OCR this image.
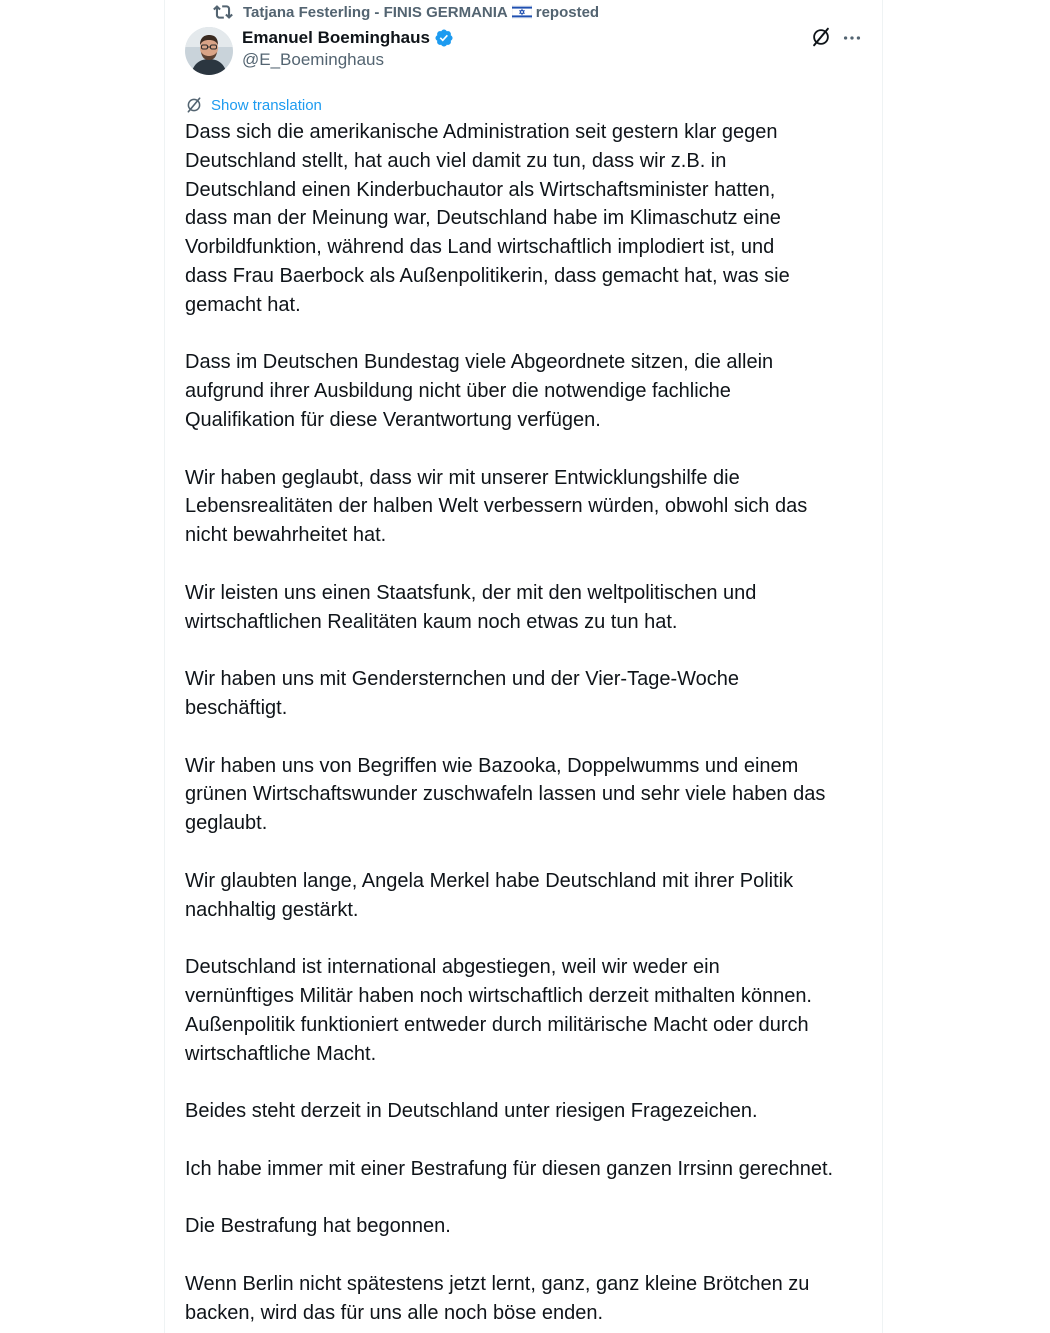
Tatjana Festerling - FINIS GERMANIA reposted
Emanuel Boeminghaus
@E_Boeminghaus
Show translation

Dass sich die amerikanische Administration seit gestern klar gegen
Deutschland stellt, hat auch viel damit zu tun, dass wir z.B. in
Deutschland einen Kinderbuchautor als Wirtschaftsminister hatten,
dass man der Meinung war, Deutschland habe im Klimaschutz eine
Vorbildfunktion, während das Land wirtschaftlich implodiert ist, und
dass Frau Baerbock als Außenpolitikerin, dass gemacht hat, was sie
gemacht hat.

Dass im Deutschen Bundestag viele Abgeordnete sitzen, die allein
aufgrund ihrer Ausbildung nicht über die notwendige fachliche
Qualifikation für diese Verantwortung verfügen.

Wir haben geglaubt, dass wir mit unserer Entwicklungshilfe die
Lebensrealitäten der halben Welt verbessern würden, obwohl sich das
nicht bewahrheitet hat.

Wir leisten uns einen Staatsfunk, der mit den weltpolitischen und
wirtschaftlichen Realitäten kaum noch etwas zu tun hat.

Wir haben uns mit Gendersternchen und der Vier-Tage-Woche
beschäftigt.

Wir haben uns von Begriffen wie Bazooka, Doppelwumms und einem
grünen Wirtschaftswunder zuschwafeln lassen und sehr viele haben das
geglaubt.

Wir glaubten lange, Angela Merkel habe Deutschland mit ihrer Politik
nachhaltig gestärkt.

Deutschland ist international abgestiegen, weil wir weder ein
vernünftiges Militär haben noch wirtschaftlich derzeit mithalten können.
Außenpolitik funktioniert entweder durch militärische Macht oder durch
wirtschaftliche Macht.

Beides steht derzeit in Deutschland unter riesigen Fragezeichen.

Ich habe immer mit einer Bestrafung für diesen ganzen Irrsinn gerechnet.

Die Bestrafung hat begonnen.

Wenn Berlin nicht spätestens jetzt lernt, ganz, ganz kleine Brötchen zu
backen, wird das für uns alle noch böse enden.
